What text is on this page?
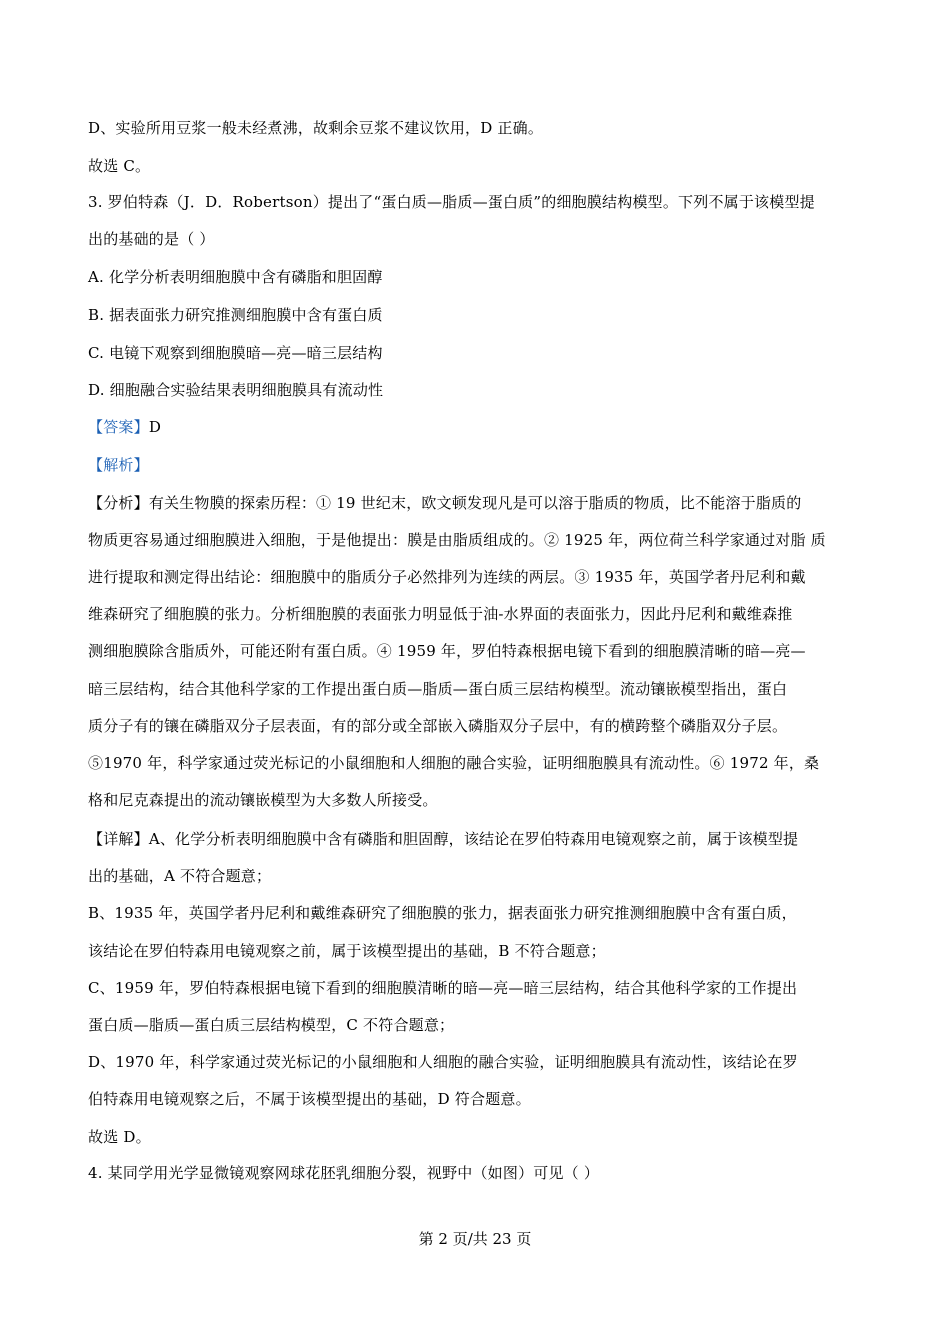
D、实验所用豆浆一般未经煮沸，故剩余豆浆不建议饮用，D 正确。
故选 C。
3. 罗伯特森（J．D．Robertson）提出了“蛋白质—脂质—蛋白质”的细胞膜结构模型。下列不属于该模型提
出的基础的是（ ）
A. 化学分析表明细胞膜中含有磷脂和胆固醇
B. 据表面张力研究推测细胞膜中含有蛋白质
C. 电镜下观察到细胞膜暗—亮—暗三层结构
D. 细胞融合实验结果表明细胞膜具有流动性
【答案】D
【解析】
【分析】有关生物膜的探索历程：① 19 世纪末，欧文顿发现凡是可以溶于脂质的物质，比不能溶于脂质的
物质更容易通过细胞膜进入细胞，于是他提出：膜是由脂质组成的。② 1925 年，两位荷兰科学家通过对脂 质
进行提取和测定得出结论：细胞膜中的脂质分子必然排列为连续的两层。③ 1935 年，英国学者丹尼利和戴
维森研究了细胞膜的张力。分析细胞膜的表面张力明显低于油-水界面的表面张力，因此丹尼利和戴维森推
测细胞膜除含脂质外，可能还附有蛋白质。④ 1959 年，罗伯特森根据电镜下看到的细胞膜清晰的暗—亮—
暗三层结构，结合其他科学家的工作提出蛋白质—脂质—蛋白质三层结构模型。流动镶嵌模型指出，蛋白
质分子有的镶在磷脂双分子层表面，有的部分或全部嵌入磷脂双分子层中，有的横跨整个磷脂双分子层。
⑤1970 年，科学家通过荧光标记的小鼠细胞和人细胞的融合实验，证明细胞膜具有流动性。⑥ 1972 年，桑
格和尼克森提出的流动镶嵌模型为大多数人所接受。
【详解】A、化学分析表明细胞膜中含有磷脂和胆固醇，该结论在罗伯特森用电镜观察之前，属于该模型提
出的基础，A 不符合题意；
B、1935 年，英国学者丹尼利和戴维森研究了细胞膜的张力，据表面张力研究推测细胞膜中含有蛋白质，
该结论在罗伯特森用电镜观察之前，属于该模型提出的基础，B 不符合题意；
C、1959 年，罗伯特森根据电镜下看到的细胞膜清晰的暗—亮—暗三层结构，结合其他科学家的工作提出
蛋白质—脂质—蛋白质三层结构模型，C 不符合题意；
D、1970 年，科学家通过荧光标记的小鼠细胞和人细胞的融合实验，证明细胞膜具有流动性，该结论在罗
伯特森用电镜观察之后，不属于该模型提出的基础，D 符合题意。
故选 D。
4. 某同学用光学显微镜观察网球花胚乳细胞分裂，视野中（如图）可见（ ）
第 2 页/共 23 页
